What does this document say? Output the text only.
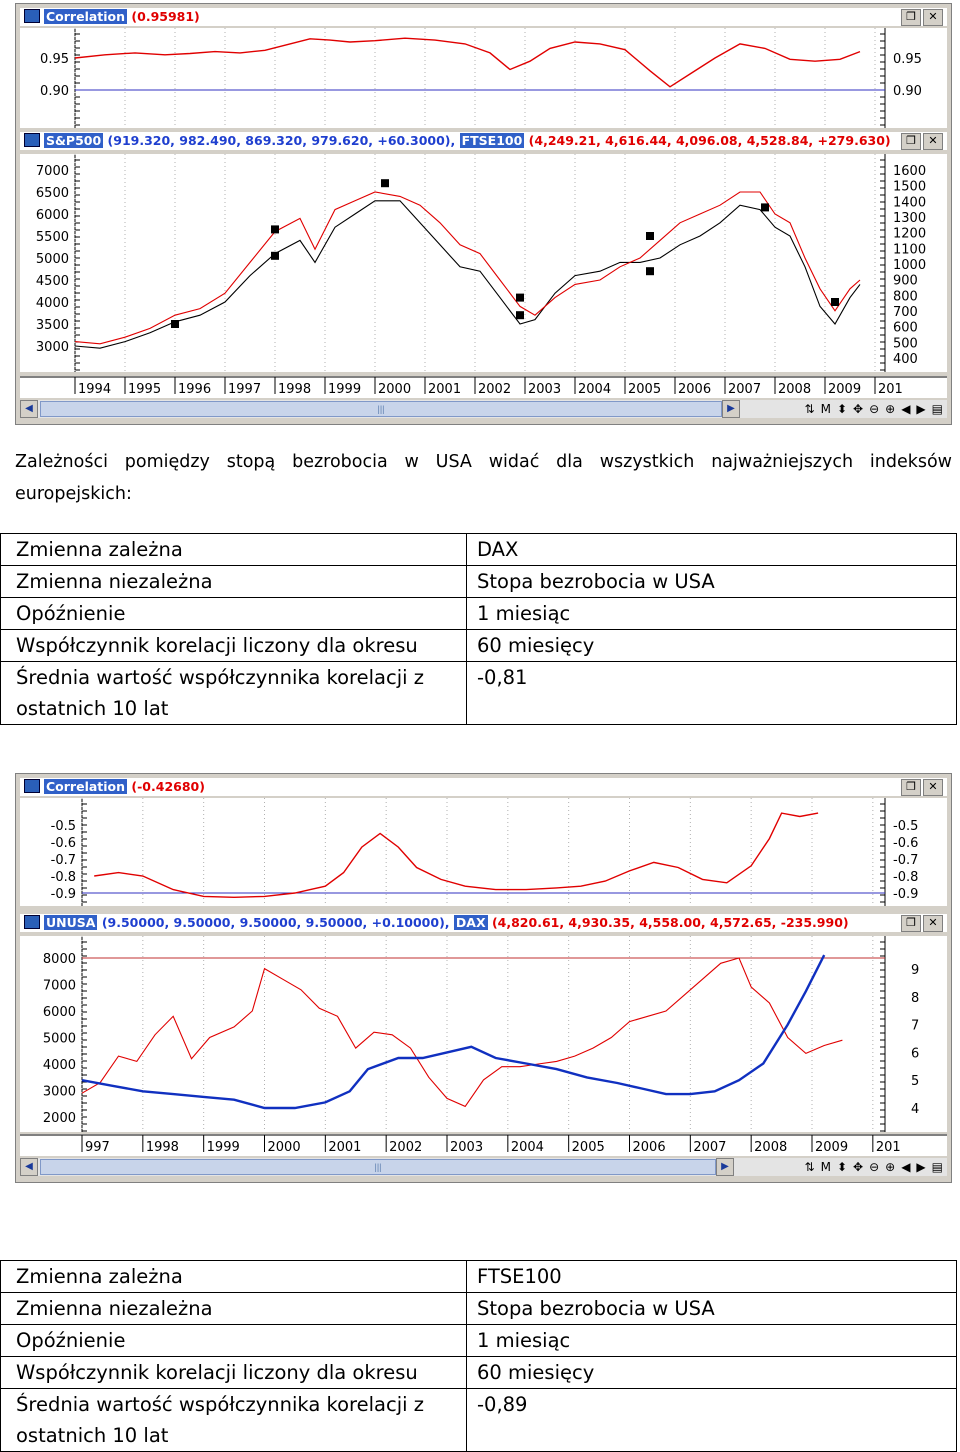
Correlation (0.95981)	❐	✕
0.95
0.90
0.95
0.90
S&P500 (919.320, 982.490, 869.320, 979.620, +60.3000), FTSE100 (4,249.21, 4,616.44, 4,096.08, 4,528.84, +279.630)	❐	✕
7000
6500
6000
5500
5000
4500
4000
3500
3000
1600
1500
1400
1300
1200
1100
1000
900
800
700
600
500
400
1994 1995 1996 1997 1998 1999 2000 2001 2002 2003 2004 2005 2006 2007 2008 2009 201
◀	|||	▶	⇅ M ⬍ ✥ ⊖ ⊕ ◀ ▶ ▤
Zależności pomiędzy stopą bezrobocia w USA widać dla wszystkich najważniejszych indeksów europejskich:
Zmienna zależna	DAX
Zmienna niezależna	Stopa bezrobocia w USA
Opóźnienie	1 miesiąc
Współczynnik korelacji liczony dla okresu	60 miesięcy
Średnia wartość współczynnika korelacji z ostatnich 10 lat	-0,81
Correlation (-0.42680)	❐	✕
-0.5
-0.6
-0.7
-0.8
-0.9
-0.5
-0.6
-0.7
-0.8
-0.9
UNUSA (9.50000, 9.50000, 9.50000, 9.50000, +0.10000), DAX (4,820.61, 4,930.35, 4,558.00, 4,572.65, -235.990)	❐	✕
8000
7000
6000
5000
4000
3000
2000
9
8
7
6
5
4
997	1998 1999 2000 2001 2002 2003 2004 2005 2006 2007 2008 2009 201
◀	|||	▶	⇅ M ⬍ ✥ ⊖ ⊕ ◀ ▶ ▤
Zmienna zależna	FTSE100
Zmienna niezależna	Stopa bezrobocia w USA
Opóźnienie	1 miesiąc
Współczynnik korelacji liczony dla okresu	60 miesięcy
Średnia wartość współczynnika korelacji z ostatnich 10 lat	-0,89
